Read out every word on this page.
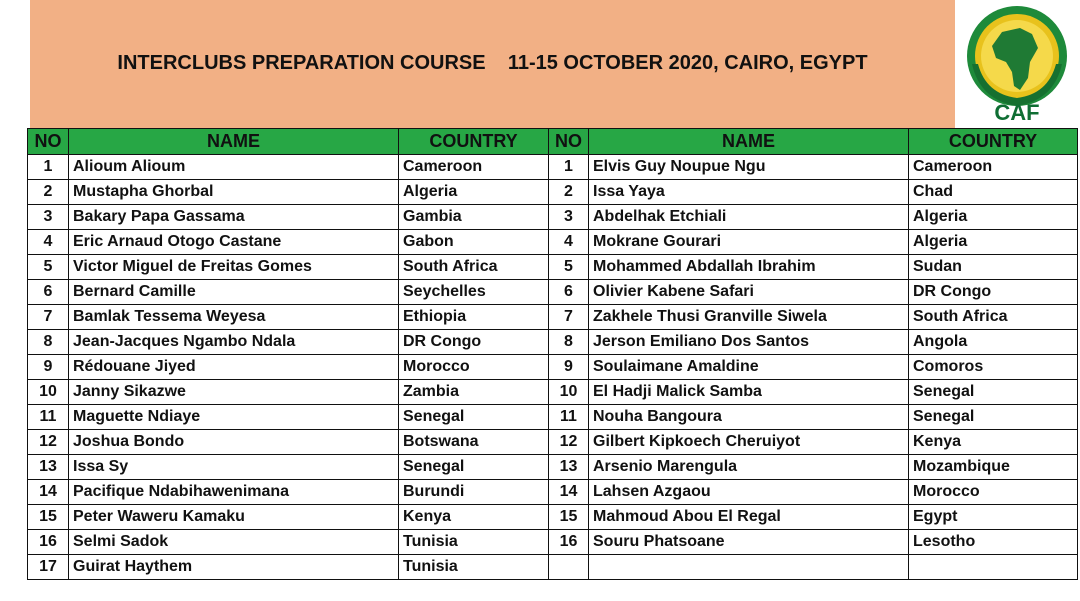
INTERCLUBS PREPARATION COURSE    11-15 OCTOBER 2020, CAIRO, EGYPT
CAF
NO	NAME	COUNTRY	NO	NAME	COUNTRY
1	Alioum Alioum	Cameroon	1	Elvis Guy Noupue Ngu	Cameroon
2	Mustapha Ghorbal	Algeria	2	Issa Yaya	Chad
3	Bakary Papa Gassama	Gambia	3	Abdelhak Etchiali	Algeria
4	Eric Arnaud Otogo Castane	Gabon	4	Mokrane Gourari	Algeria
5	Victor Miguel de Freitas Gomes	South Africa	5	Mohammed Abdallah Ibrahim	Sudan
6	Bernard Camille	Seychelles	6	Olivier Kabene Safari	DR Congo
7	Bamlak Tessema Weyesa	Ethiopia	7	Zakhele Thusi Granville Siwela	South Africa
8	Jean-Jacques Ngambo Ndala	DR Congo	8	Jerson Emiliano Dos Santos	Angola
9	Rédouane Jiyed	Morocco	9	Soulaimane Amaldine	Comoros
10	Janny Sikazwe	Zambia	10	El Hadji Malick Samba	Senegal
11	Maguette Ndiaye	Senegal	11	Nouha Bangoura	Senegal
12	Joshua Bondo	Botswana	12	Gilbert Kipkoech Cheruiyot	Kenya
13	Issa Sy	Senegal	13	Arsenio Marengula	Mozambique
14	Pacifique Ndabihawenimana	Burundi	14	Lahsen Azgaou	Morocco
15	Peter Waweru Kamaku	Kenya	15	Mahmoud Abou El Regal	Egypt
16	Selmi Sadok	Tunisia	16	Souru Phatsoane	Lesotho
17	Guirat Haythem	Tunisia			
